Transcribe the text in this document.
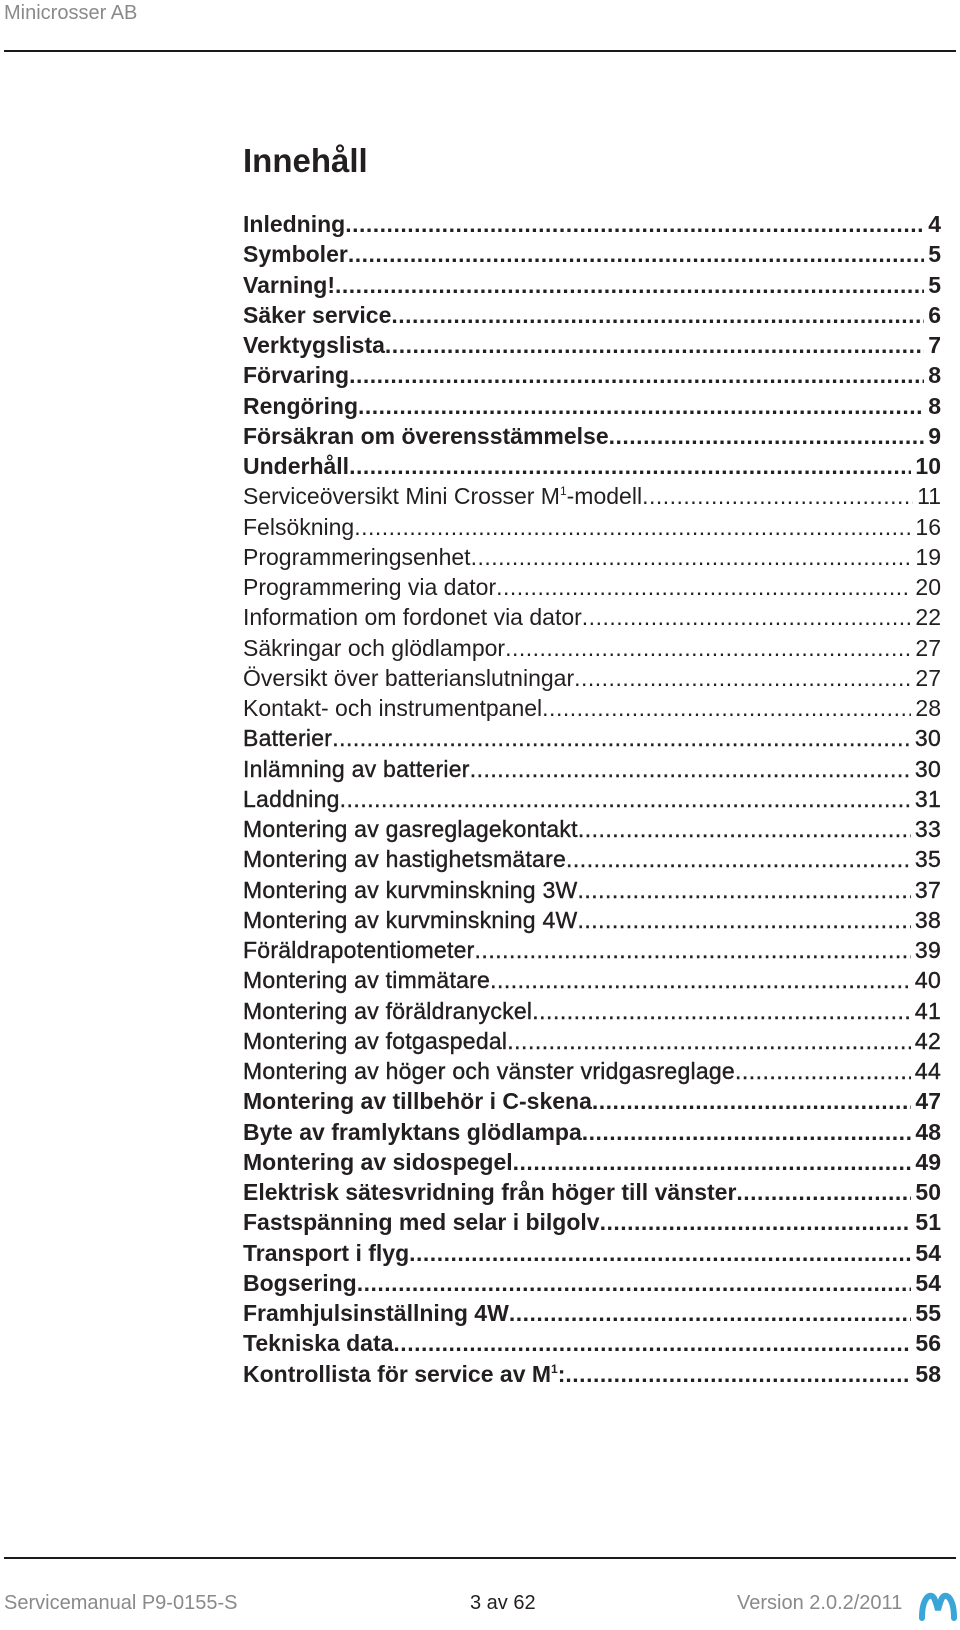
Minicrosser AB
Innehåll
Inledning .....	4
Symboler .....	5
Varning! .....	5
Säker service .....	6
Verktygslista .....	7
Förvaring .....	8
Rengöring .....	8
Försäkran om överensstämmelse .....	9
Underhåll .....	10
Serviceöversikt Mini Crosser $M^1$-modell .....	11
Felsökning .....	16
Programmeringsenhet .....	19
Programmering via dator .....	20
Information om fordonet via dator .....	22
Säkringar och glödlampor .....	27
Översikt över batterianslutningar .....	27
Kontakt- och instrumentpanel .....	28
Batterier .....	30
Inlämning av batterier .....	30
Laddning .....	31
Montering av gasreglagekontakt .....	33
Montering av hastighetsmätare .....	35
Montering av kurvminskning 3W .....	37
Montering av kurvminskning 4W .....	38
Föräldrapotentiometer .....	39
Montering av timmätare .....	40
Montering av föräldranyckel .....	41
Montering av fotgaspedal .....	42
Montering av höger och vänster vridgasreglage .....	44
Montering av tillbehör i C-skena .....	47
Byte av framlyktans glödlampa .....	48
Montering av sidospegel .....	49
Elektrisk sätesvridning från höger till vänster .....	50
Fastspänning med selar i bilgolv .....	51
Transport i flyg .....	54
Bogsering .....	54
Framhjulsinställning 4W .....	55
Tekniska data .....	56
Kontrollista för service av $M^1$: .....	58
Servicemanual P9-0155-S	3 av 62	Version 2.0.2/2011
